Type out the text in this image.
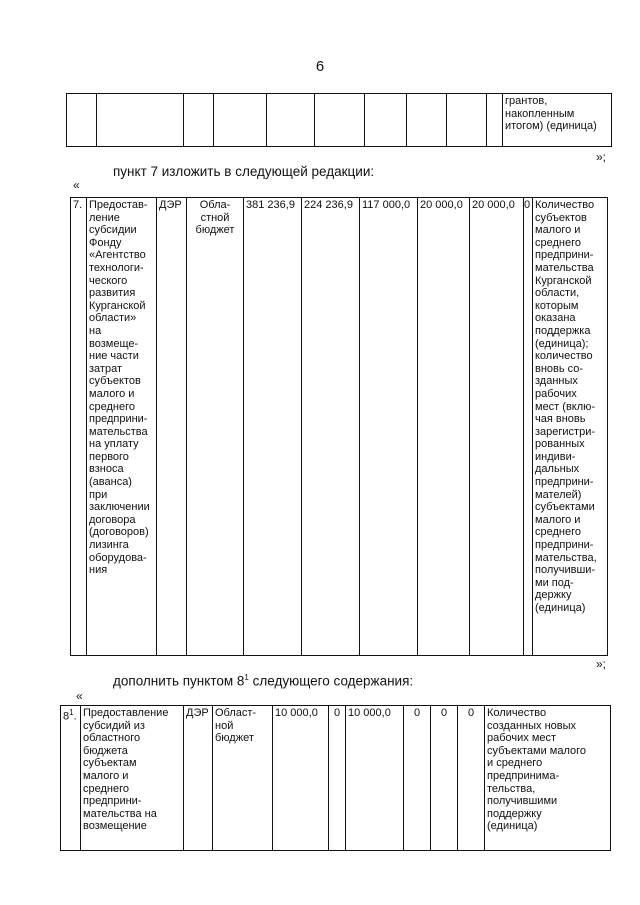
6
										грантов,
накопленным
итогом) (единица)
»;
пункт 7 изложить в следующей редакции:
«
7.	Предостав-
ление
субсидии
Фонду
«Агентство
технологи-
ческого
развития
Курганской
области»
на
возмеще-
ние части
затрат
субъектов
малого и
среднего
предприни-
мательства
на уплату
первого
взноса
(аванса)
при
заключении
договора
(договоров)
лизинга
оборудова-
ния	ДЭР	Обла-
стной
бюджет	381 236,9	224 236,9	117 000,0	20 000,0	20 000,0	0	Количество
субъектов
малого и
среднего
предприни-
мательства
Курганской
области,
которым
оказана
поддержка
(единица);
количество
вновь со-
зданных
рабочих
мест (вклю-
чая вновь
зарегистри-
рованных
индиви-
дальных
предприни-
мателей)
субъектами
малого и
среднего
предприни-
мательства,
получивши-
ми под-
держку
(единица)
»;
дополнить пунктом $8^1$ следующего содержания:
«
$8^1$.	Предоставление
субсидий из
областного
бюджета
субъектам
малого и
среднего
предприни-
мательства на
возмещение	ДЭР	Област-
ной
бюджет	10 000,0	0	10 000,0	0	0	0	Количество
созданных новых
рабочих мест
субъектами малого
и среднего
предпринима-
тельства,
получившими
поддержку
(единица)
